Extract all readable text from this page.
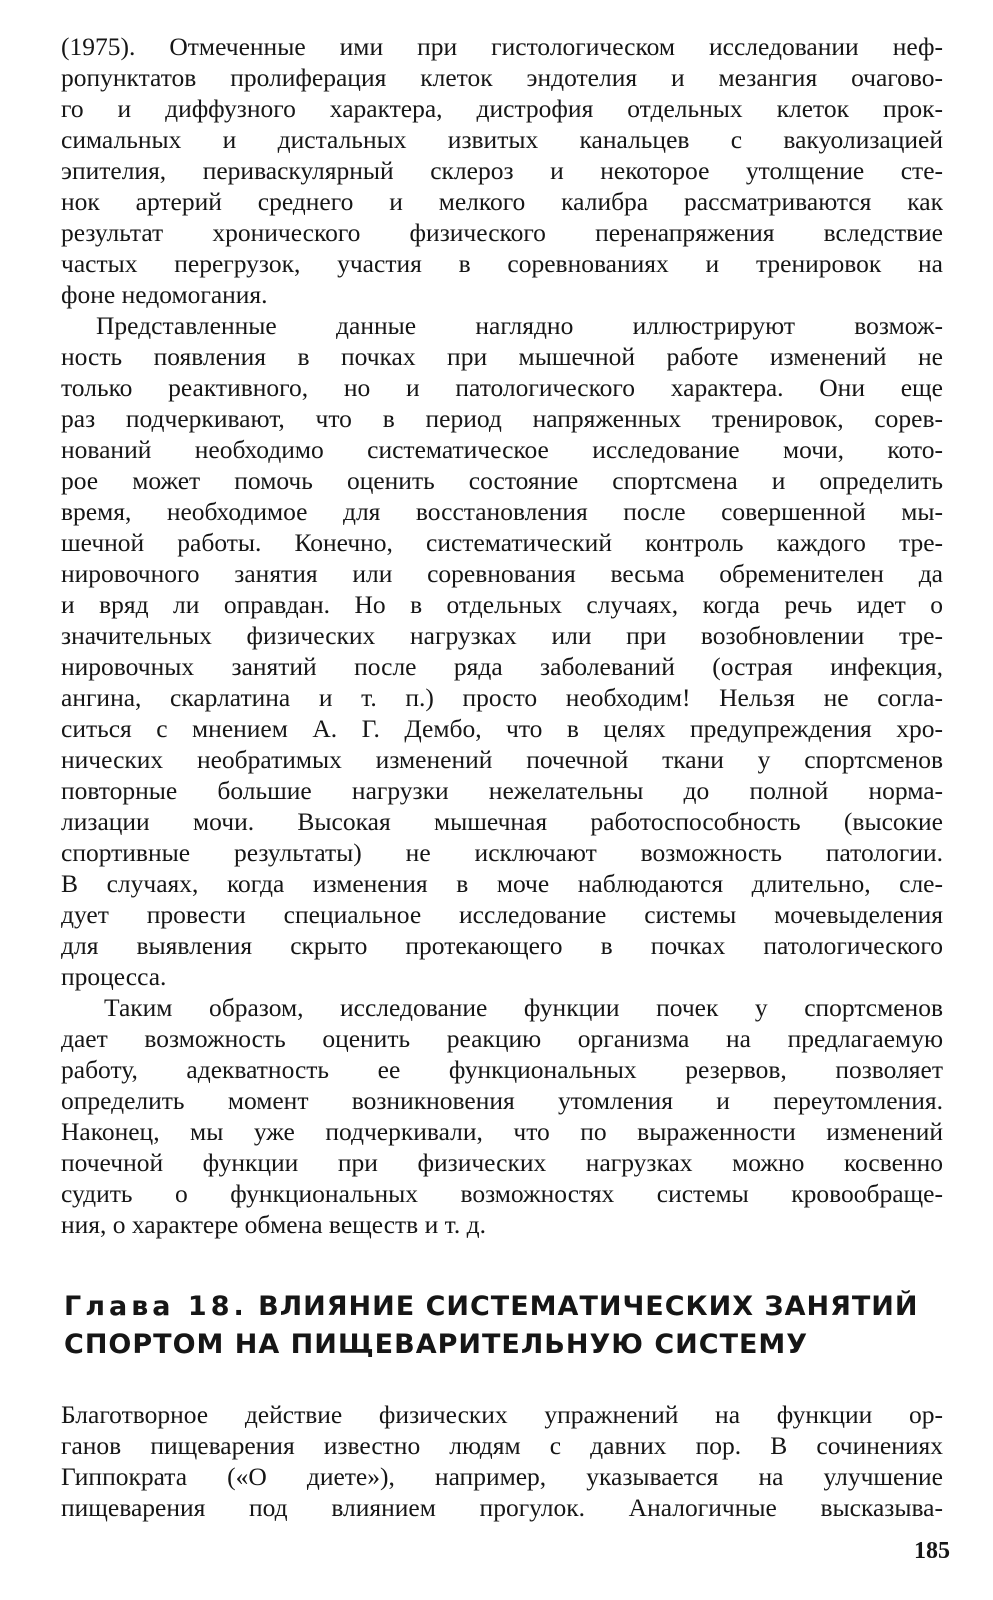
(1975). Отмеченные ими при гистологическом исследовании неф-
ропунктатов пролиферация клеток эндотелия и мезангия очагово-
го и диффузного характера, дистрофия отдельных клеток прок-
симальных и дистальных извитых канальцев с вакуолизацией
эпителия, периваскулярный склероз и некоторое утолщение сте-
нок артерий среднего и мелкого калибра рассматриваются как
результат хронического физического перенапряжения вследствие
частых перегрузок, участия в соревнованиях и тренировок на
фоне недомогания.
Представленные данные наглядно иллюстрируют возмож-
ность появления в почках при мышечной работе изменений не
только реактивного, но и патологического характера. Они еще
раз подчеркивают, что в период напряженных тренировок, сорев-
нований необходимо систематическое исследование мочи, кото-
рое может помочь оценить состояние спортсмена и определить
время, необходимое для восстановления после совершенной мы-
шечной работы. Конечно, систематический контроль каждого тре-
нировочного занятия или соревнования весьма обременителен да
и вряд ли оправдан. Но в отдельных случаях, когда речь идет о
значительных физических нагрузках или при возобновлении тре-
нировочных занятий после ряда заболеваний (острая инфекция,
ангина, скарлатина и т. п.) просто необходим! Нельзя не согла-
ситься с мнением А. Г. Дембо, что в целях предупреждения хро-
нических необратимых изменений почечной ткани у спортсменов
повторные большие нагрузки нежелательны до полной норма-
лизации мочи. Высокая мышечная работоспособность (высокие
спортивные результаты) не исключают возможность патологии.
В случаях, когда изменения в моче наблюдаются длительно, сле-
дует провести специальное исследование системы мочевыделения
для выявления скрыто протекающего в почках патологического
процесса.
Таким образом, исследование функции почек у спортсменов
дает возможность оценить реакцию организма на предлагаемую
работу, адекватность ее функциональных резервов, позволяет
определить момент возникновения утомления и переутомления.
Наконец, мы уже подчеркивали, что по выраженности изменений
почечной функции при физических нагрузках можно косвенно
судить о функциональных возможностях системы кровообраще-
ния, о характере обмена веществ и т. д.
Глава 18. ВЛИЯНИЕ СИСТЕМАТИЧЕСКИХ ЗАНЯТИЙ
СПОРТОМ НА ПИЩЕВАРИТЕЛЬНУЮ СИСТЕМУ
Благотворное действие физических упражнений на функции ор-
ганов пищеварения известно людям с давних пор. В сочинениях
Гиппократа («О диете»), например, указывается на улучшение
пищеварения под влиянием прогулок. Аналогичные высказыва-
185
